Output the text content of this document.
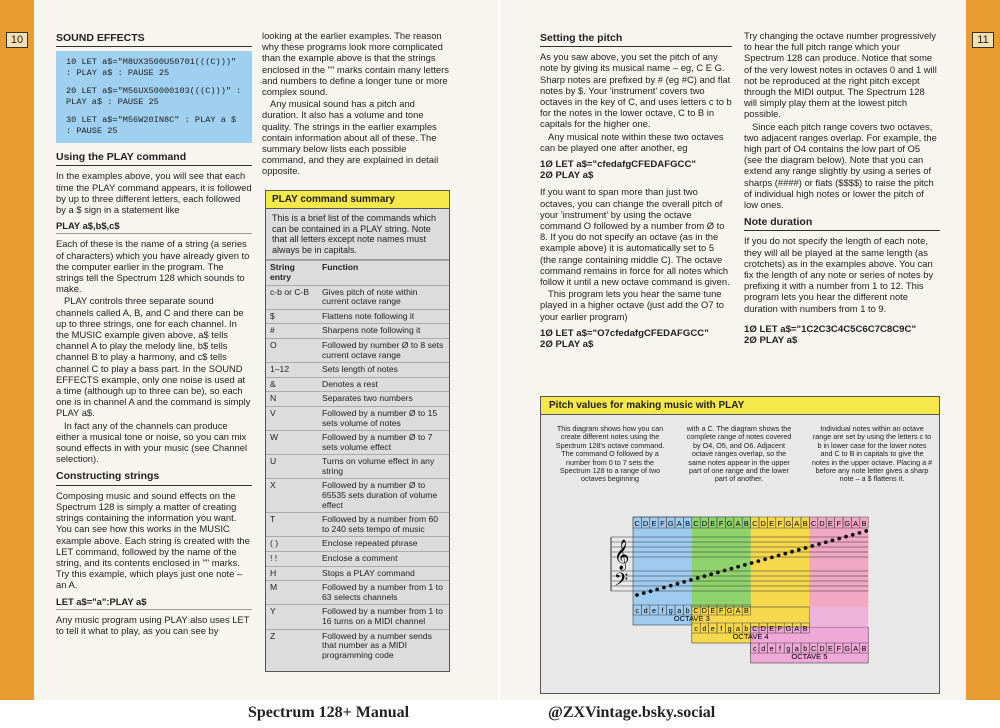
10	SOUND EFFECTS
10 LET a$="M8UX3500U50701(((C)))" : PLAY a$ : PAUSE 25
20 LET a$="M56UX50000103(((C)))" : PLAY a$ : PAUSE 25
30 LET a$="M56W20IN8C" : PLAY a $ : PAUSE 25
Using the PLAY command

In the examples above, you will see that each time the PLAY command appears, it is followed by up to three different letters, each followed by a $ sign in a statement like

PLAY a$,b$,c$

Each of these is the name of a string (a series of characters) which you have already given to the computer earlier in the program. The strings tell the Spectrum 128 which sounds to make.

PLAY controls three separate sound channels called A, B, and C and there can be up to three strings, one for each channel. In the MUSIC example given above, a$ tells channel A to play the melody line, b$ tells channel B to play a harmony, and c$ tells channel C to play a bass part. In the SOUND EFFECTS example, only one noise is used at a time (although up to three can be), so each one is in channel A and the command is simply PLAY a$.

In fact any of the channels can produce either a musical tone or noise, so you can mix sound effects in with your music (see Channel selection).

Constructing strings

Composing music and sound effects on the Spectrum 128 is simply a matter of creating strings containing the information you want. You can see how this works in the MUSIC example above. Each string is created with the LET command, followed by the name of the string, and its contents enclosed in "" marks. Try this example, which plays just one note – an A.

LET a$="a":PLAY a$

Any music program using PLAY also uses LET to tell it what to play, as you can see by

looking at the earlier examples. The reason why these programs look more complicated than the example above is that the strings enclosed in the "" marks contain many letters and numbers to define a longer tune or more complex sound.

Any musical sound has a pitch and duration. It also has a volume and tone quality. The strings in the earlier examples contain information about all of these. The summary below lists each possible command, and they are explained in detail opposite.

PLAY command summary
This is a brief list of the commands which can be contained in a PLAY string. Note that all letters except note names must always be in capitals.
String entry	Function
c-b or C-B	Gives pitch of note within current octave range
$	Flattens note following it
#	Sharpens note following it
O	Followed by number Ø to 8 sets current octave range
1–12	Sets length of notes
&	Denotes a rest
N	Separates two numbers
V	Followed by a number Ø to 15 sets volume of notes
W	Followed by a number Ø to 7 sets volume effect
U	Turns on volume effect in any string
X	Followed by a number Ø to 65535 sets duration of volume effect
T	Followed by a number from 60 to 240 sets tempo of music
( )	Enclose repeated phrase
! !	Enclose a comment
H	Stops a PLAY command
M	Followed by a number from 1 to 63 selects channels
Y	Followed by a number from 1 to 16 turns on a MIDI channel
Z	Followed by a number sends that number as a MIDI programming code
11
Setting the pitch

As you saw above, you set the pitch of any note by giving its musical name – eg, C E G. Sharp notes are prefixed by # (eg #C) and flat notes by $. Your 'instrument' covers two octaves in the key of C, and uses letters c to b for the notes in the lower octave, C to B in capitals for the higher one.

Any musical note within these two octaves can be played one after another, eg

1Ø LET a$="cfedafgCFEDAFGCC"
2Ø PLAY a$

If you want to span more than just two octaves, you can change the overall pitch of your 'instrument' by using the octave command O followed by a number from Ø to 8. If you do not specify an octave (as in the example above) it is automatically set to 5 (the range containing middle C). The octave command remains in force for all notes which follow it until a new octave command is given.

This program lets you hear the same tune played in a higher octave (just add the O7 to your earlier program)

1Ø LET a$="O7cfedafgCFEDAFGCC"
2Ø PLAY a$

Try changing the octave number progressively to hear the full pitch range which your Spectrum 128 can produce. Notice that some of the very lowest notes in octaves 0 and 1 will not be reproduced at the right pitch except through the MIDI output. The Spectrum 128 will simply play them at the lowest pitch possible.

Since each pitch range covers two octaves, two adjacent ranges overlap. For example, the high part of O4 contains the low part of O5 (see the diagram below). Note that you can extend any range slightly by using a series of sharps (####) or flats ($$$$) to raise the pitch of individual high notes or lower the pitch of low ones.

Note duration

If you do not specify the length of each note, they will all be played at the same length (as crotchets) as in the examples above. You can fix the length of any note or series of notes by prefixing it with a number from 1 to 12. This program lets you hear the different note duration with numbers from 1 to 9.

1Ø LET a$="1C2C3C4C5C6C7C8C9C"
2Ø PLAY a$
Pitch values for making music with PLAY
This diagram shows how you can create different notes using the Spectrum 128's octave command. The command O followed by a number from 0 to 7 sets the Spectrum 128 to a range of two octaves beginning
with a C. The diagram shows the complete range of notes covered by O4, O5, and O6. Adjacent octave ranges overlap, so the same notes appear in the upper part of one range and the lower part of another.
Individual notes within an octave range are set by using the letters c to b in lower case for the lower notes and C to B in capitals to give the notes in the upper octave. Placing a # before any note letter gives a sharp note – a $ flattens it.
C D E F G A B C D E F G A B C D E F G A B C D E F G A B
𝄞
𝄢
c d e f g a b C D E F G A B
OCTAVE 3
c d e f g a b C D E F G A B
OCTAVE 4
c d e f g a b C D E F G A B
OCTAVE 5
Spectrum 128+ Manual	@ZXVintage.bsky.social
